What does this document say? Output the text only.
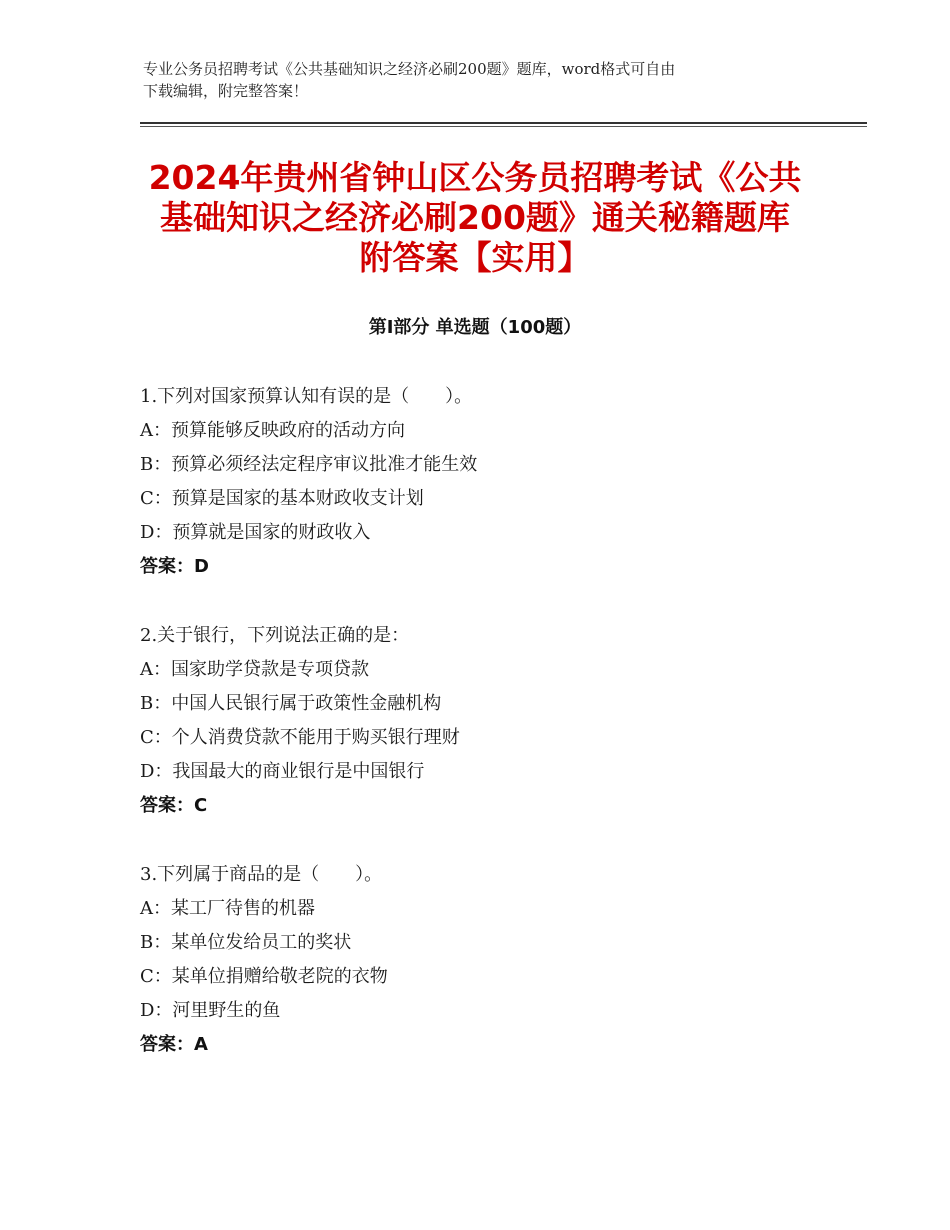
专业公务员招聘考试《公共基础知识之经济必刷200题》题库，word格式可自由
下载编辑，附完整答案！
2024年贵州省钟山区公务员招聘考试《公共
基础知识之经济必刷200题》通关秘籍题库
附答案【实用】
第Ⅰ部分 单选题（100题）
1.下列对国家预算认知有误的是（　　）。
A：预算能够反映政府的活动方向
B：预算必须经法定程序审议批准才能生效
C：预算是国家的基本财政收支计划
D：预算就是国家的财政收入
答案：D
2.关于银行，下列说法正确的是：
A：国家助学贷款是专项贷款
B：中国人民银行属于政策性金融机构
C：个人消费贷款不能用于购买银行理财
D：我国最大的商业银行是中国银行
答案：C
3.下列属于商品的是（　　）。
A：某工厂待售的机器
B：某单位发给员工的奖状
C：某单位捐赠给敬老院的衣物
D：河里野生的鱼
答案：A
